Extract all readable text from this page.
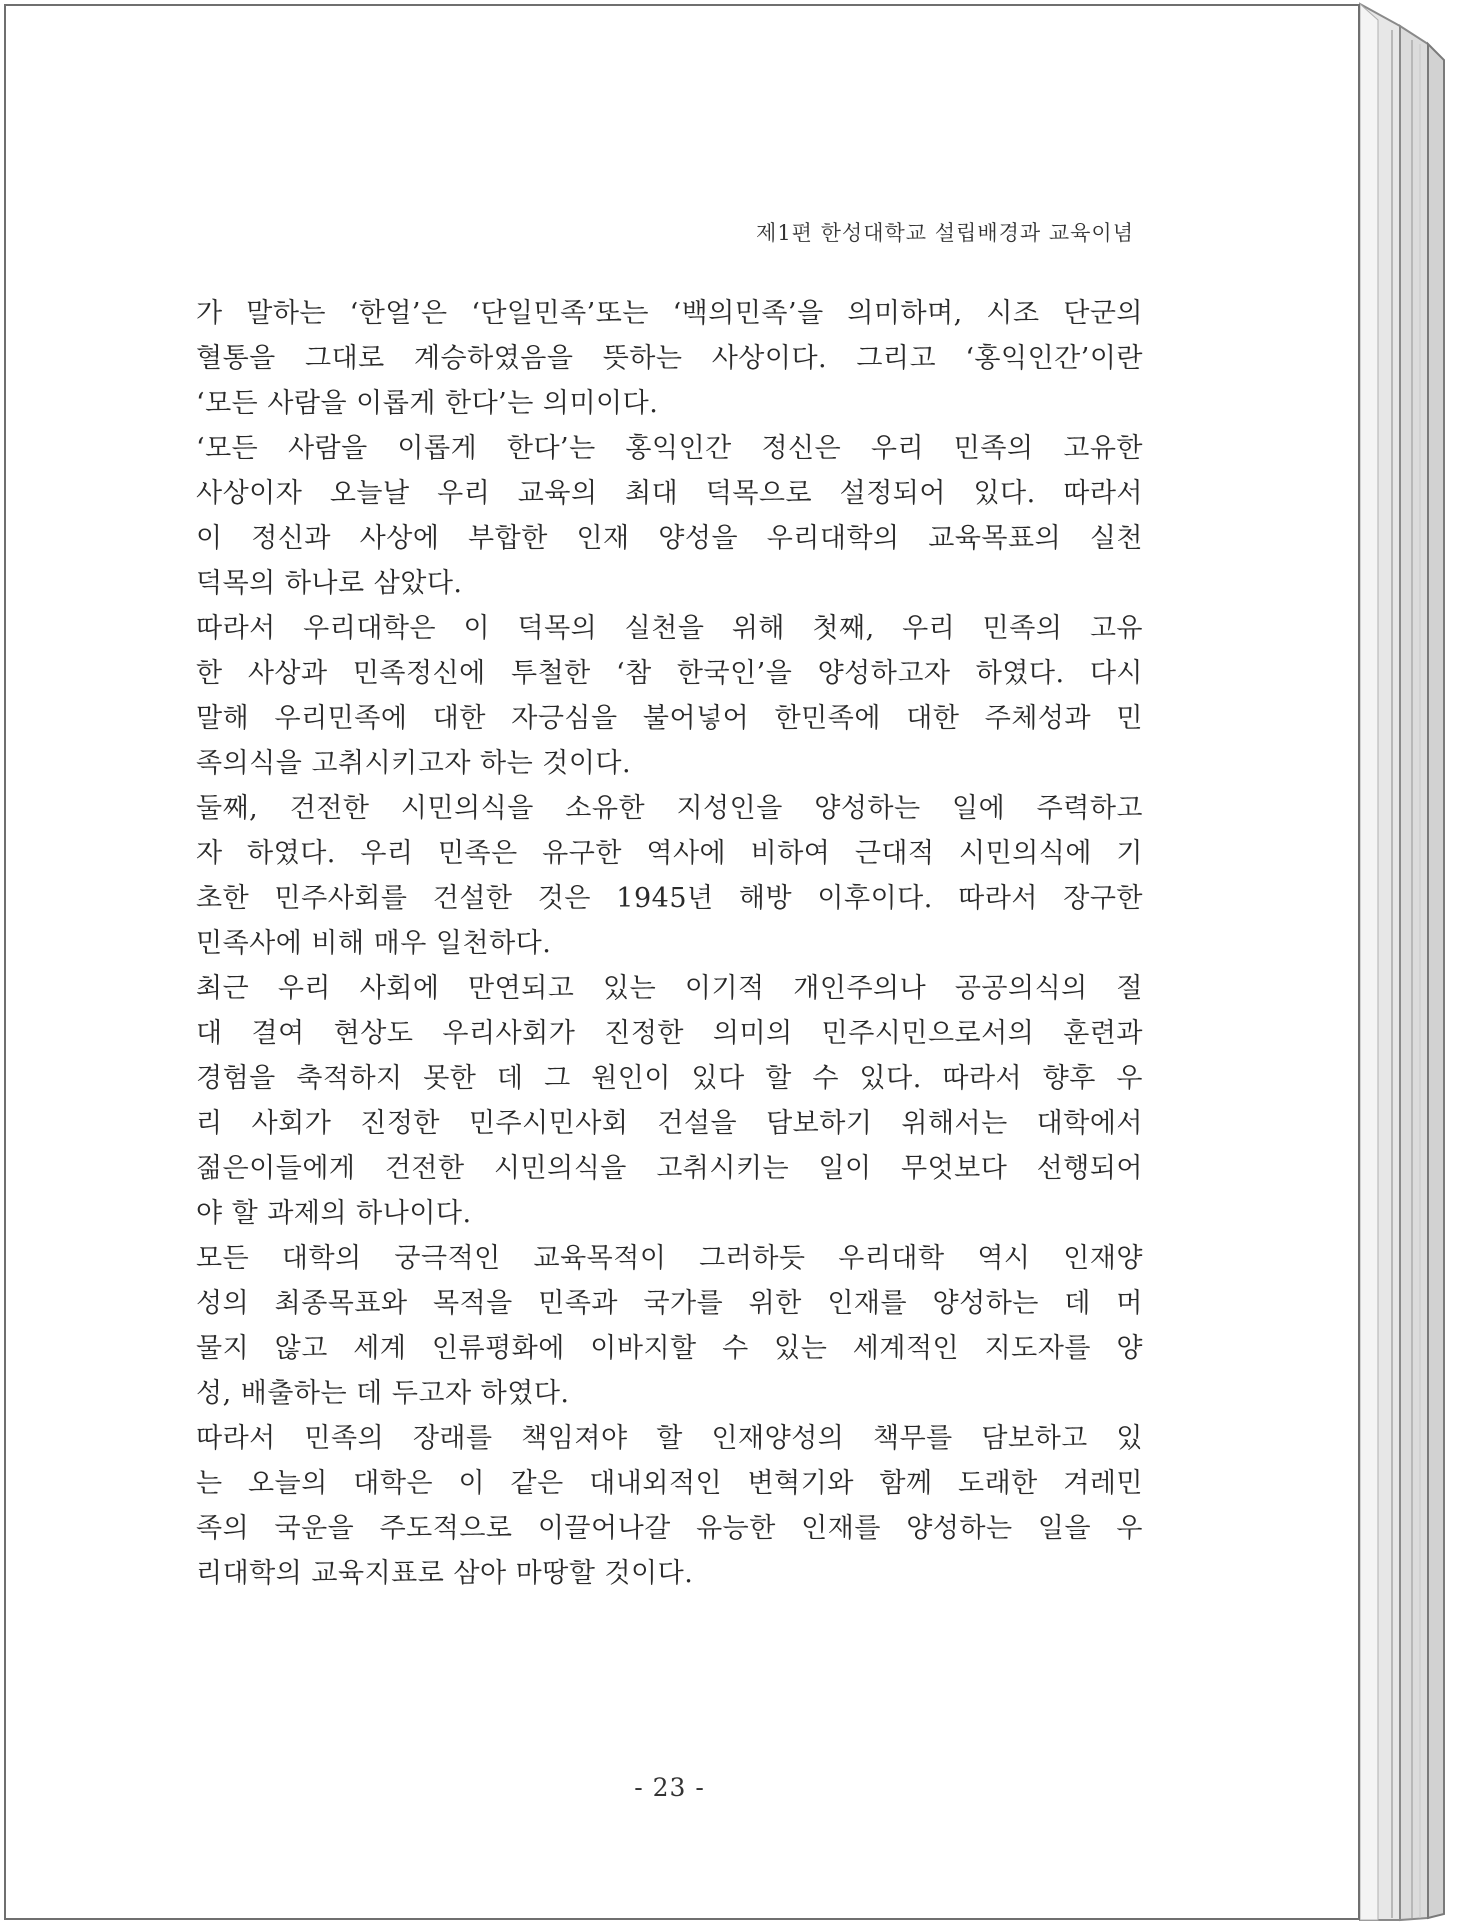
제1편 한성대학교 설립배경과 교육이념
가 말하는 ‘한얼’은 ‘단일민족’또는 ‘백의민족’을 의미하며, 시조 단군의
혈통을 그대로 계승하였음을 뜻하는 사상이다. 그리고 ‘홍익인간’이란
‘모든 사람을 이롭게 한다’는 의미이다.
‘모든 사람을 이롭게 한다’는 홍익인간 정신은 우리 민족의 고유한
사상이자 오늘날 우리 교육의 최대 덕목으로 설정되어 있다. 따라서
이 정신과 사상에 부합한 인재 양성을 우리대학의 교육목표의 실천
덕목의 하나로 삼았다.
따라서 우리대학은 이 덕목의 실천을 위해 첫째, 우리 민족의 고유
한 사상과 민족정신에 투철한 ‘참 한국인’을 양성하고자 하였다. 다시
말해 우리민족에 대한 자긍심을 불어넣어 한민족에 대한 주체성과 민
족의식을 고취시키고자 하는 것이다.
둘째, 건전한 시민의식을 소유한 지성인을 양성하는 일에 주력하고
자 하였다. 우리 민족은 유구한 역사에 비하여 근대적 시민의식에 기
초한 민주사회를 건설한 것은 1945년 해방 이후이다. 따라서 장구한
민족사에 비해 매우 일천하다.
최근 우리 사회에 만연되고 있는 이기적 개인주의나 공공의식의 절
대 결여 현상도 우리사회가 진정한 의미의 민주시민으로서의 훈련과
경험을 축적하지 못한 데 그 원인이 있다 할 수 있다. 따라서 향후 우
리 사회가 진정한 민주시민사회 건설을 담보하기 위해서는 대학에서
젊은이들에게 건전한 시민의식을 고취시키는 일이 무엇보다 선행되어
야 할 과제의 하나이다.
모든 대학의 궁극적인 교육목적이 그러하듯 우리대학 역시 인재양
성의 최종목표와 목적을 민족과 국가를 위한 인재를 양성하는 데 머
물지 않고 세계 인류평화에 이바지할 수 있는 세계적인 지도자를 양
성, 배출하는 데 두고자 하였다.
따라서 민족의 장래를 책임져야 할 인재양성의 책무를 담보하고 있
는 오늘의 대학은 이 같은 대내외적인 변혁기와 함께 도래한 겨레민
족의 국운을 주도적으로 이끌어나갈 유능한 인재를 양성하는 일을 우
리대학의 교육지표로 삼아 마땅할 것이다.
- 23 -
